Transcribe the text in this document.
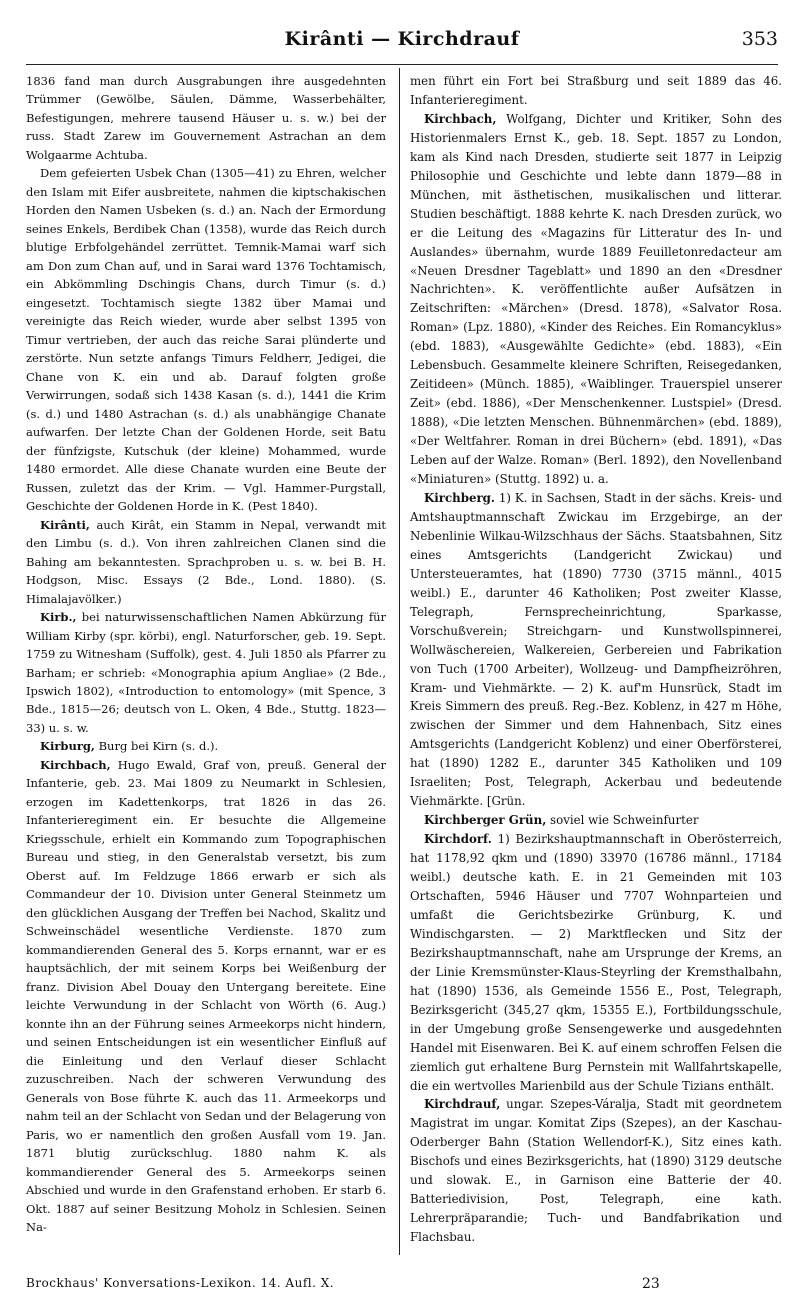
Kirânti — Kirchdrauf	353

1836 fand man durch Ausgrabungen ihre ausgedehnten Trümmer (Gewölbe, Säulen, Dämme, Wasserbehälter, Befestigungen, mehrere tausend Häuser u. s. w.) bei der russ. Stadt Zarew im Gouvernement Astrachan an dem Wolgaarme Achtuba.

Dem gefeierten Usbek Chan (1305—41) zu Ehren, welcher den Islam mit Eifer ausbreitete, nahmen die kiptschakischen Horden den Namen Usbeken (s. d.) an. Nach der Ermordung seines Enkels, Berdibek Chan (1358), wurde das Reich durch blutige Erbfolgehändel zerrüttet. Temnik-Mamai warf sich am Don zum Chan auf, und in Sarai ward 1376 Tochtamisch, ein Abkömmling Dschingis Chans, durch Timur (s. d.) eingesetzt. Tochtamisch siegte 1382 über Mamai und vereinigte das Reich wieder, wurde aber selbst 1395 von Timur vertrieben, der auch das reiche Sarai plünderte und zerstörte. Nun setzte anfangs Timurs Feldherr, Jedigei, die Chane von K. ein und ab. Darauf folgten große Verwirrungen, sodaß sich 1438 Kasan (s. d.), 1441 die Krim (s. d.) und 1480 Astrachan (s. d.) als unabhängige Chanate aufwarfen. Der letzte Chan der Goldenen Horde, seit Batu der fünfzigste, Kutschuk (der kleine) Mohammed, wurde 1480 ermordet. Alle diese Chanate wurden eine Beute der Russen, zuletzt das der Krim. — Vgl. Hammer-Purgstall, Geschichte der Goldenen Horde in K. (Pest 1840).

Kirânti, auch Kirât, ein Stamm in Nepal, verwandt mit den Limbu (s. d.). Von ihren zahlreichen Clanen sind die Bahing am bekanntesten. Sprachproben u. s. w. bei B. H. Hodgson, Misc. Essays (2 Bde., Lond. 1880). (S. Himalajavölker.)

Kirb., bei naturwissenschaftlichen Namen Abkürzung für William Kirby (spr. körbi), engl. Naturforscher, geb. 19. Sept. 1759 zu Witnesham (Suffolk), gest. 4. Juli 1850 als Pfarrer zu Barham; er schrieb: «Monographia apium Angliae» (2 Bde., Ipswich 1802), «Introduction to entomology» (mit Spence, 3 Bde., 1815—26; deutsch von L. Oken, 4 Bde., Stuttg. 1823—33) u. s. w.

Kirburg, Burg bei Kirn (s. d.).

Kirchbach, Hugo Ewald, Graf von, preuß. General der Infanterie, geb. 23. Mai 1809 zu Neumarkt in Schlesien, erzogen im Kadettenkorps, trat 1826 in das 26. Infanterieregiment ein. Er besuchte die Allgemeine Kriegsschule, erhielt ein Kommando zum Topographischen Bureau und stieg, in den Generalstab versetzt, bis zum Oberst auf. Im Feldzuge 1866 erwarb er sich als Commandeur der 10. Division unter General Steinmetz um den glücklichen Ausgang der Treffen bei Nachod, Skalitz und Schweinschädel wesentliche Verdienste. 1870 zum kommandierenden General des 5. Korps ernannt, war er es hauptsächlich, der mit seinem Korps bei Weißenburg der franz. Division Abel Douay den Untergang bereitete. Eine leichte Verwundung in der Schlacht von Wörth (6. Aug.) konnte ihn an der Führung seines Armeekorps nicht hindern, und seinen Entscheidungen ist ein wesentlicher Einfluß auf die Einleitung und den Verlauf dieser Schlacht zuzuschreiben. Nach der schweren Verwundung des Generals von Bose führte K. auch das 11. Armeekorps und nahm teil an der Schlacht von Sedan und der Belagerung von Paris, wo er namentlich den großen Ausfall vom 19. Jan. 1871 blutig zurückschlug. 1880 nahm K. als kommandierender General des 5. Armeekorps seinen Abschied und wurde in den Grafenstand erhoben. Er starb 6. Okt. 1887 auf seiner Besitzung Moholz in Schlesien. Seinen Na-

men führt ein Fort bei Straßburg und seit 1889 das 46. Infanterieregiment.

Kirchbach, Wolfgang, Dichter und Kritiker, Sohn des Historienmalers Ernst K., geb. 18. Sept. 1857 zu London, kam als Kind nach Dresden, studierte seit 1877 in Leipzig Philosophie und Geschichte und lebte dann 1879—88 in München, mit ästhetischen, musikalischen und litterar. Studien beschäftigt. 1888 kehrte K. nach Dresden zurück, wo er die Leitung des «Magazins für Litteratur des In- und Auslandes» übernahm, wurde 1889 Feuilletonredacteur am «Neuen Dresdner Tageblatt» und 1890 an den «Dresdner Nachrichten». K. veröffentlichte außer Aufsätzen in Zeitschriften: «Märchen» (Dresd. 1878), «Salvator Rosa. Roman» (Lpz. 1880), «Kinder des Reiches. Ein Romancyklus» (ebd. 1883), «Ausgewählte Gedichte» (ebd. 1883), «Ein Lebensbuch. Gesammelte kleinere Schriften, Reisegedanken, Zeitideen» (Münch. 1885), «Waiblinger. Trauerspiel unserer Zeit» (ebd. 1886), «Der Menschenkenner. Lustspiel» (Dresd. 1888), «Die letzten Menschen. Bühnenmärchen» (ebd. 1889), «Der Weltfahrer. Roman in drei Büchern» (ebd. 1891), «Das Leben auf der Walze. Roman» (Berl. 1892), den Novellenband «Miniaturen» (Stuttg. 1892) u. a.

Kirchberg. 1) K. in Sachsen, Stadt in der sächs. Kreis- und Amtshauptmannschaft Zwickau im Erzgebirge, an der Nebenlinie Wilkau-Wilzschhaus der Sächs. Staatsbahnen, Sitz eines Amtsgerichts (Landgericht Zwickau) und Untersteueramtes, hat (1890) 7730 (3715 männl., 4015 weibl.) E., darunter 46 Katholiken; Post zweiter Klasse, Telegraph, Fernsprecheinrichtung, Sparkasse, Vorschußverein; Streichgarn- und Kunstwollspinnerei, Wollwäschereien, Walkereien, Gerbereien und Fabrikation von Tuch (1700 Arbeiter), Wollzeug- und Dampfheizröhren, Kram- und Viehmärkte. — 2) K. auf'm Hunsrück, Stadt im Kreis Simmern des preuß. Reg.-Bez. Koblenz, in 427 m Höhe, zwischen der Simmer und dem Hahnenbach, Sitz eines Amtsgerichts (Landgericht Koblenz) und einer Oberförsterei, hat (1890) 1282 E., darunter 345 Katholiken und 109 Israeliten; Post, Telegraph, Ackerbau und bedeutende Viehmärkte. [Grün.

Kirchberger Grün, soviel wie Schweinfurter

Kirchdorf. 1) Bezirkshauptmannschaft in Oberösterreich, hat 1178,92 qkm und (1890) 33970 (16786 männl., 17184 weibl.) deutsche kath. E. in 21 Gemeinden mit 103 Ortschaften, 5946 Häuser und 7707 Wohnparteien und umfaßt die Gerichtsbezirke Grünburg, K. und Windischgarsten. — 2) Marktflecken und Sitz der Bezirkshauptmannschaft, nahe am Ursprunge der Krems, an der Linie Kremsmünster-Klaus-Steyrling der Kremsthalbahn, hat (1890) 1536, als Gemeinde 1556 E., Post, Telegraph, Bezirksgericht (345,27 qkm, 15355 E.), Fortbildungsschule, in der Umgebung große Sensengewerke und ausgedehnten Handel mit Eisenwaren. Bei K. auf einem schroffen Felsen die ziemlich gut erhaltene Burg Pernstein mit Wallfahrtskapelle, die ein wertvolles Marienbild aus der Schule Tizians enthält.

Kirchdrauf, ungar. Szepes-Váralja, Stadt mit geordnetem Magistrat im ungar. Komitat Zips (Szepes), an der Kaschau-Oderberger Bahn (Station Wellendorf-K.), Sitz eines kath. Bischofs und eines Bezirksgerichts, hat (1890) 3129 deutsche und slowak. E., in Garnison eine Batterie der 40. Batteriedivision, Post, Telegraph, eine kath. Lehrerpräparandie; Tuch- und Bandfabrikation und Flachsbau.

Brockhaus' Konversations-Lexikon. 14. Aufl. X.	23
